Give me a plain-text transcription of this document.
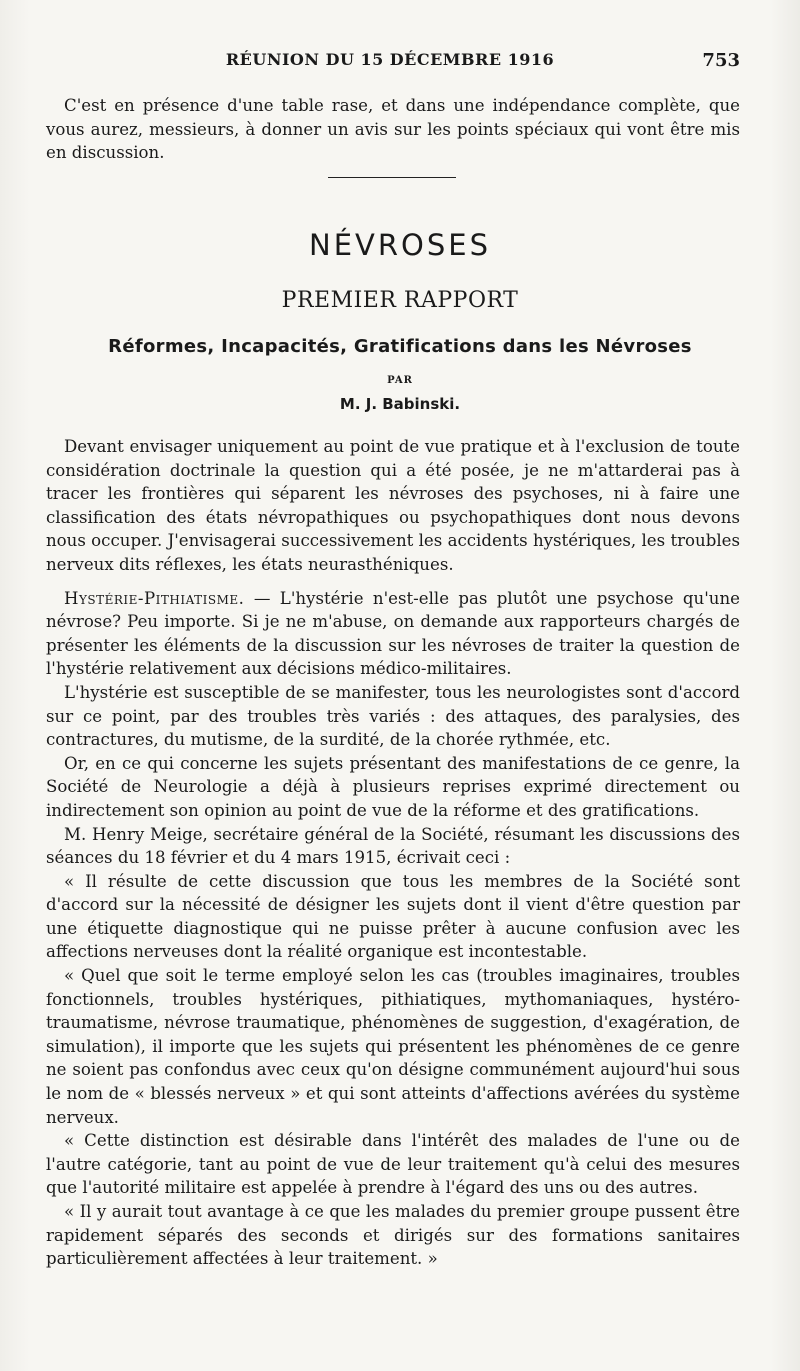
RÉUNION DU 15 DÉCEMBRE 1916	753

C'est en présence d'une table rase, et dans une indépendance complète, que vous aurez, messieurs, à donner un avis sur les points spéciaux qui vont être mis en discussion.

NÉVROSES
PREMIER RAPPORT
Réformes, Incapacités, Gratifications dans les Névroses
PAR
M. J. Babinski.

Devant envisager uniquement au point de vue pratique et à l'exclusion de toute considération doctrinale la question qui a été posée, je ne m'attarderai pas à tracer les frontières qui séparent les névroses des psychoses, ni à faire une classification des états névropathiques ou psychopathiques dont nous devons nous occuper. J'envisagerai successivement les accidents hystériques, les troubles nerveux dits réflexes, les états neurasthéniques.

Hystérie-Pithiatisme. — L'hystérie n'est-elle pas plutôt une psychose qu'une névrose? Peu importe. Si je ne m'abuse, on demande aux rapporteurs chargés de présenter les éléments de la discussion sur les névroses de traiter la question de l'hystérie relativement aux décisions médico-militaires.

L'hystérie est susceptible de se manifester, tous les neurologistes sont d'accord sur ce point, par des troubles très variés : des attaques, des paralysies, des contractures, du mutisme, de la surdité, de la chorée rythmée, etc.

Or, en ce qui concerne les sujets présentant des manifestations de ce genre, la Société de Neurologie a déjà à plusieurs reprises exprimé directement ou indirectement son opinion au point de vue de la réforme et des gratifications.

M. Henry Meige, secrétaire général de la Société, résumant les discussions des séances du 18 février et du 4 mars 1915, écrivait ceci :

« Il résulte de cette discussion que tous les membres de la Société sont d'accord sur la nécessité de désigner les sujets dont il vient d'être question par une étiquette diagnostique qui ne puisse prêter à aucune confusion avec les affections nerveuses dont la réalité organique est incontestable.

« Quel que soit le terme employé selon les cas (troubles imaginaires, troubles fonctionnels, troubles hystériques, pithiatiques, mythomaniaques, hystéro-traumatisme, névrose traumatique, phénomènes de suggestion, d'exagération, de simulation), il importe que les sujets qui présentent les phénomènes de ce genre ne soient pas confondus avec ceux qu'on désigne communément aujourd'hui sous le nom de « blessés nerveux » et qui sont atteints d'affections avérées du système nerveux.

« Cette distinction est désirable dans l'intérêt des malades de l'une ou de l'autre catégorie, tant au point de vue de leur traitement qu'à celui des mesures que l'autorité militaire est appelée à prendre à l'égard des uns ou des autres.

« Il y aurait tout avantage à ce que les malades du premier groupe pussent être rapidement séparés des seconds et dirigés sur des formations sanitaires particulièrement affectées à leur traitement. »
